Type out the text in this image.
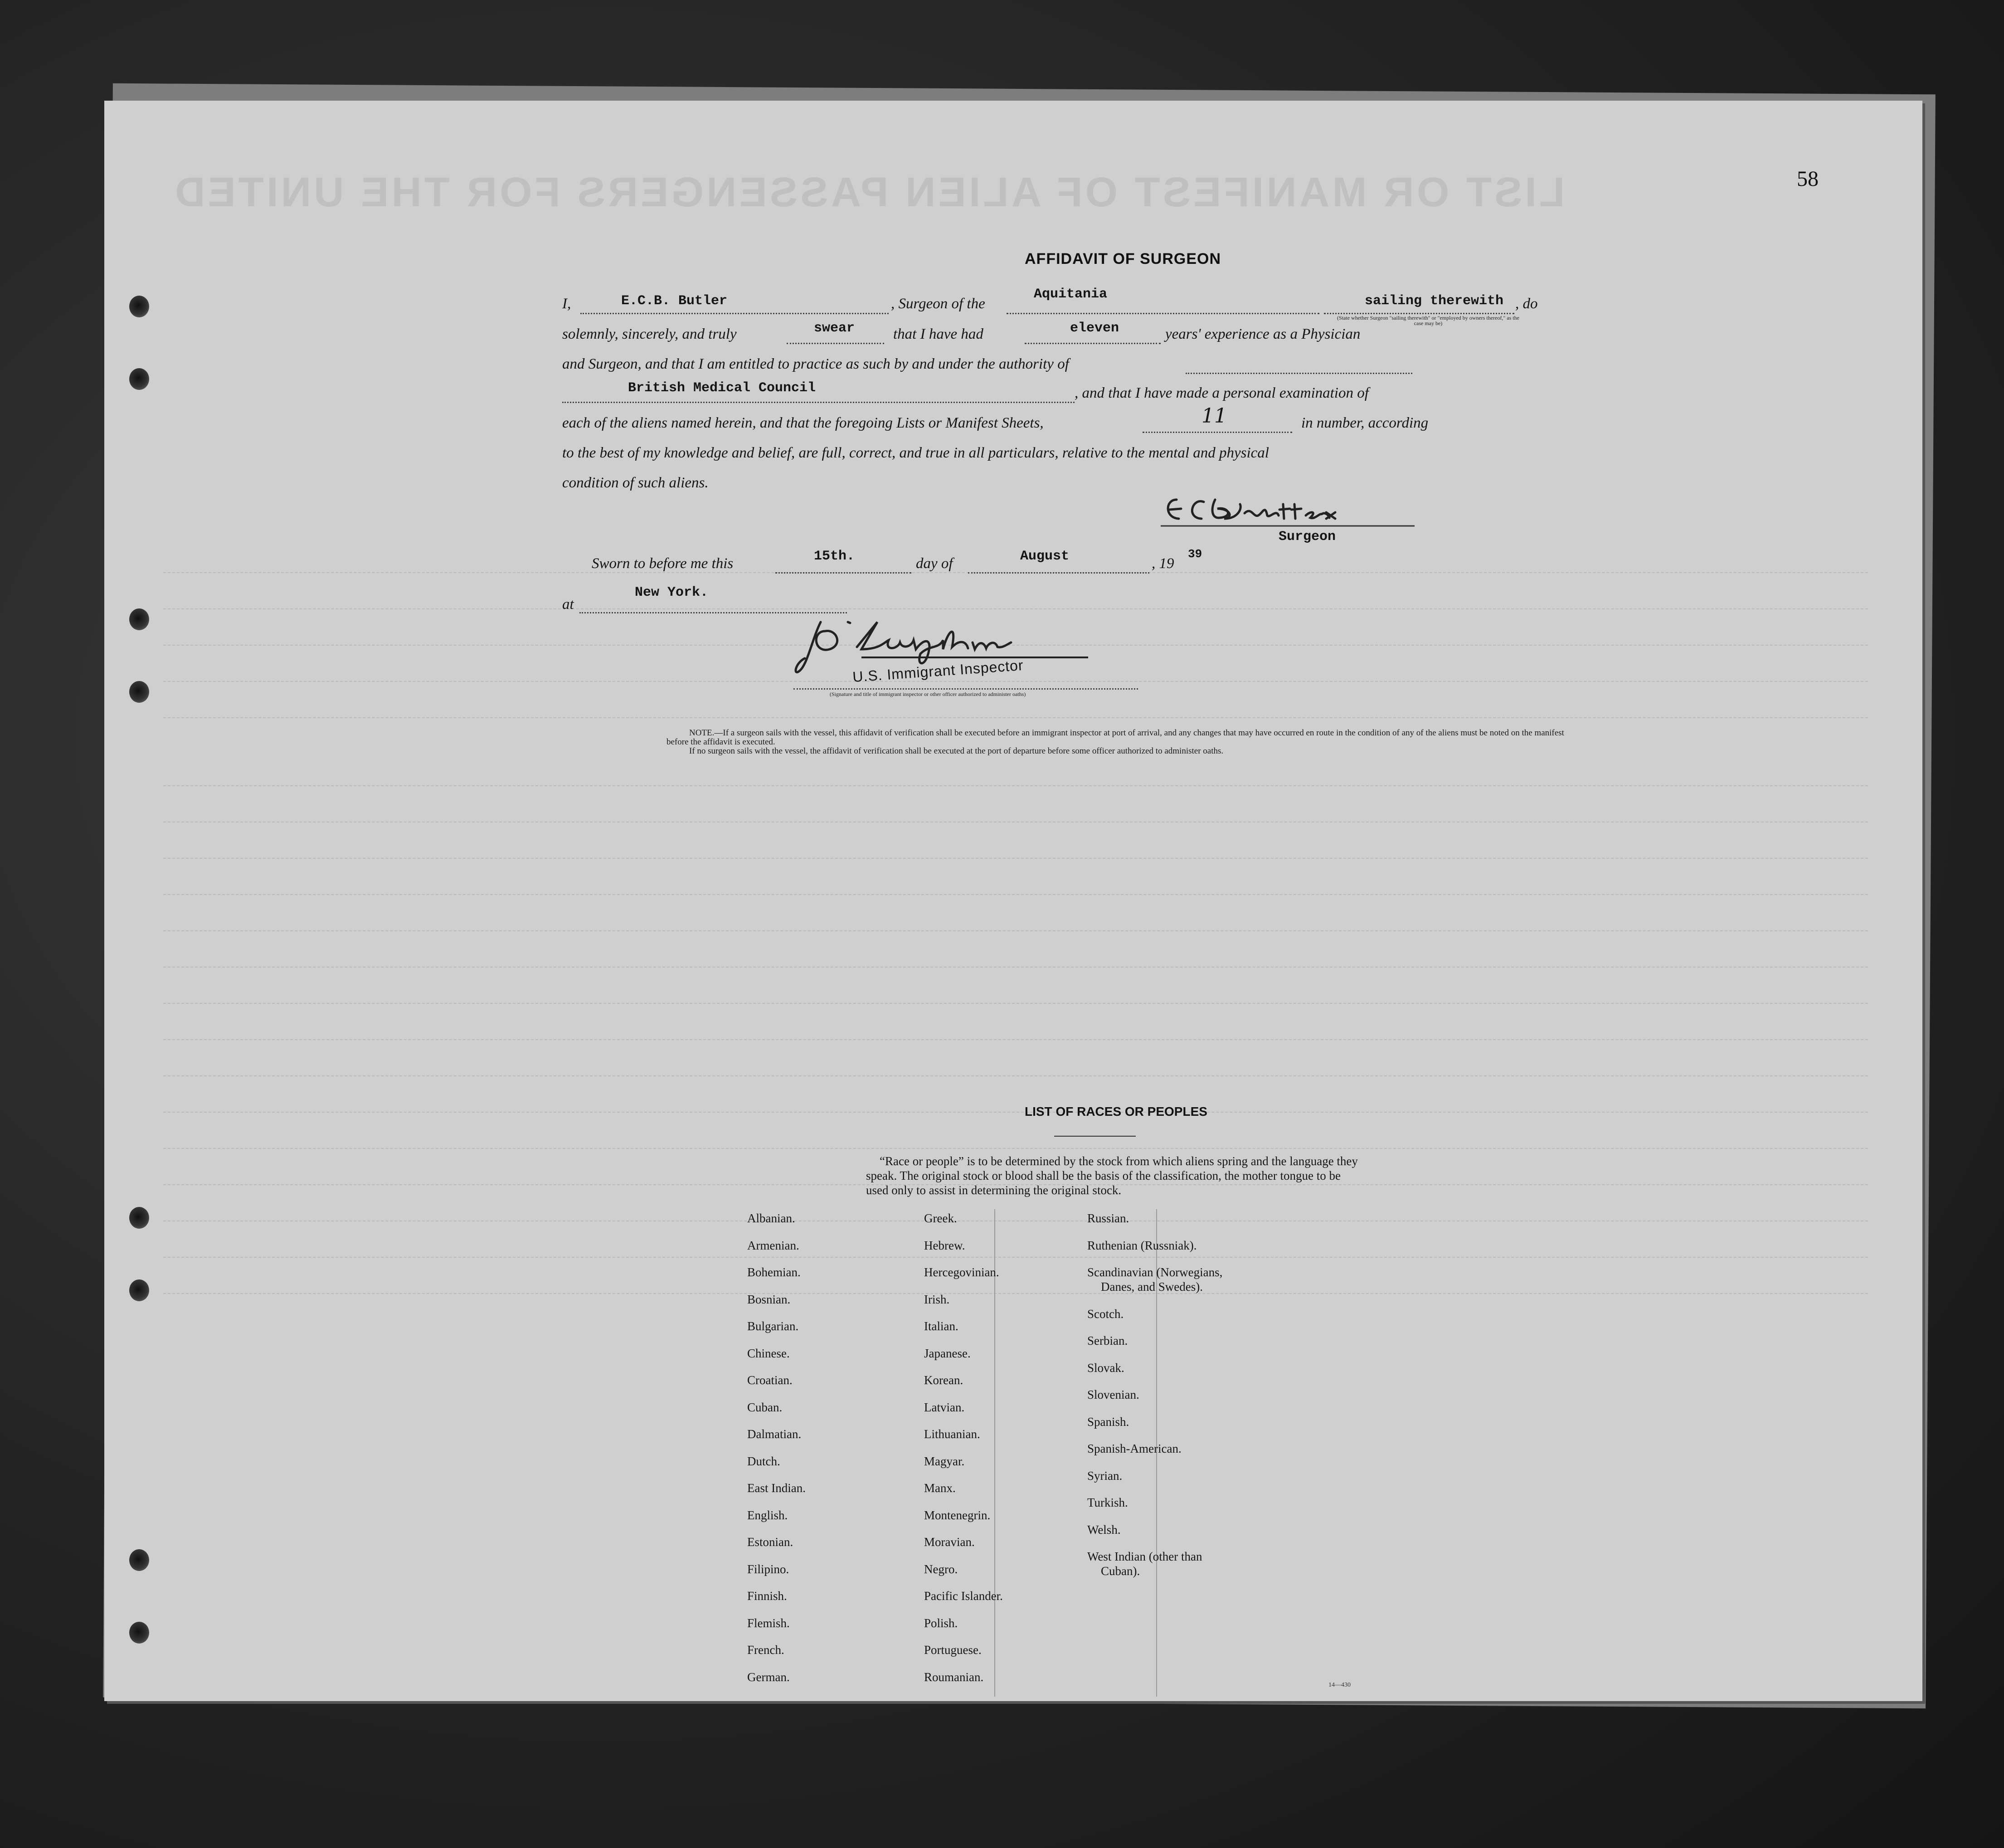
LIST OR MANIFEST OF ALIEN PASSENGERS FOR THE UNITED	58
AFFIDAVIT OF SURGEON
I,	E.C.B. Butler	, Surgeon of the
Aquitania	sailing therewith , do
(State whether Surgeon "sailing therewith" or "employed by owners thereof," as the case may be)
solemnly, sincerely, and truly	swear	that I have had	eleven	years' experience as a Physician
and Surgeon, and that I am entitled to practice as such by and under the authority of
British Medical Council	, and that I have made a personal examination of
each of the aliens named herein, and that the foregoing Lists or Manifest Sheets,	11	in number, according
to the best of my knowledge and belief, are full, correct, and true in all particulars, relative to the mental and physical
condition of such aliens.
Surgeon
Sworn to before me this	15th.	day of	August	, 19
39
at
New York.
U.S. Immigrant Inspector
(Signature and title of immigrant inspector or other officer authorized to administer oaths)

NOTE.—If a surgeon sails with the vessel, this affidavit of verification shall be executed before an immigrant inspector at port of arrival, and any changes that may have occurred en route in the condition of any of the aliens must be noted on the manifest before the affidavit is executed.

If no surgeon sails with the vessel, the affidavit of verification shall be executed at the port of departure before some officer authorized to administer oaths.

LIST OF RACES OR PEOPLES
“Race or people” is to be determined by the stock from which aliens spring and the language they speak. The original stock or blood shall be the basis of the classification, the mother tongue to be used only to assist in determining the original stock.
Albanian.
Armenian.
Bohemian.
Bosnian.
Bulgarian.
Chinese.
Croatian.
Cuban.
Dalmatian.
Dutch.
East Indian.
English.
Estonian.
Filipino.
Finnish.
Flemish.
French.
German.
Greek.
Hebrew.
Hercegovinian.
Irish.
Italian.
Japanese.
Korean.
Latvian.
Lithuanian.
Magyar.
Manx.
Montenegrin.
Moravian.
Negro.
Pacific Islander.
Polish.
Portuguese.
Roumanian.
Russian.
Ruthenian (Russniak).
Scandinavian (Norwegians,
Danes, and Swedes).
Scotch.
Serbian.
Slovak.
Slovenian.
Spanish.
Spanish-American.
Syrian.
Turkish.
Welsh.
West Indian (other than
Cuban).
14—430
